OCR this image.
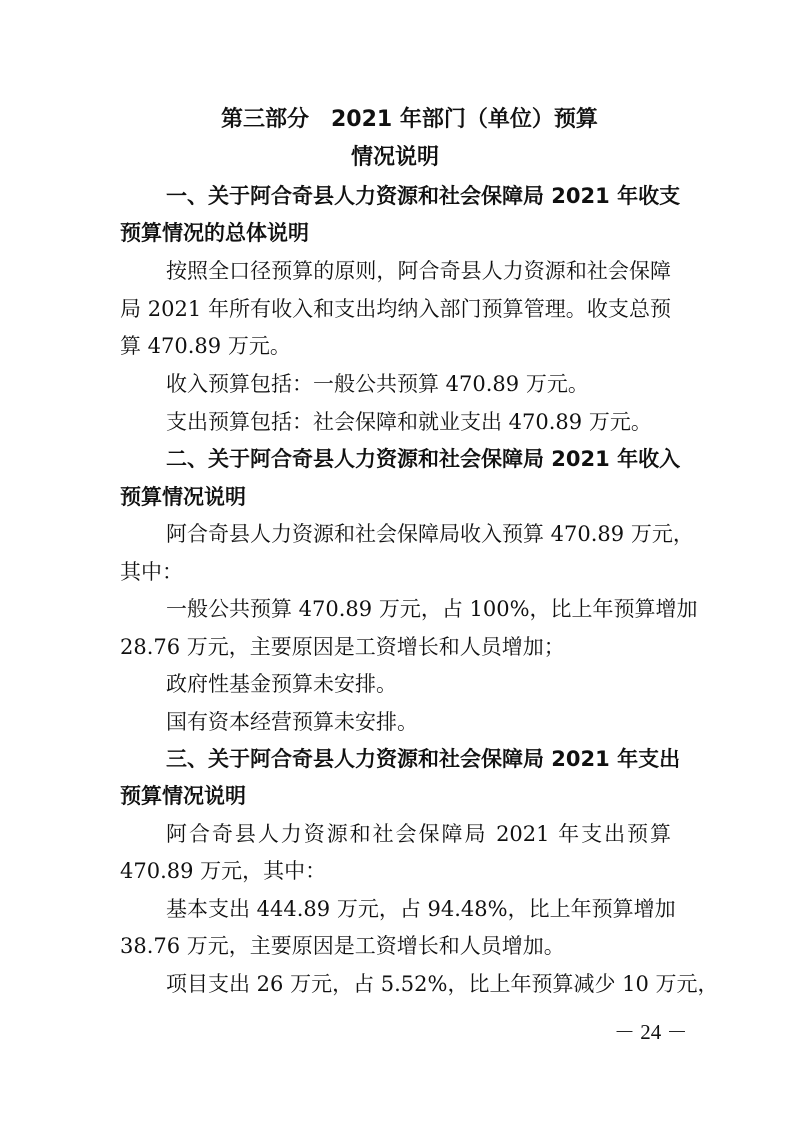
第三部分　2021 年部门（单位）预算
情况说明
一、关于阿合奇县人力资源和社会保障局 2021 年收支
预算情况的总体说明
按照全口径预算的原则，阿合奇县人力资源和社会保障
局 2021 年所有收入和支出均纳入部门预算管理。收支总预
算 470.89 万元。
收入预算包括：一般公共预算 470.89 万元。
支出预算包括：社会保障和就业支出 470.89 万元。
二、关于阿合奇县人力资源和社会保障局 2021 年收入
预算情况说明
阿合奇县人力资源和社会保障局收入预算 470.89 万元，
其中：
一般公共预算 470.89 万元，占 100%，比上年预算增加
28.76 万元，主要原因是工资增长和人员增加；
政府性基金预算未安排。
国有资本经营预算未安排。
三、关于阿合奇县人力资源和社会保障局 2021 年支出
预算情况说明
阿合奇县人力资源和社会保障局 2021 年支出预算
470.89 万元，其中：
基本支出 444.89 万元，占 94.48%，比上年预算增加
38.76 万元，主要原因是工资增长和人员增加。
项目支出 26 万元，占 5.52%，比上年预算减少 10 万元，
－ 24 －
